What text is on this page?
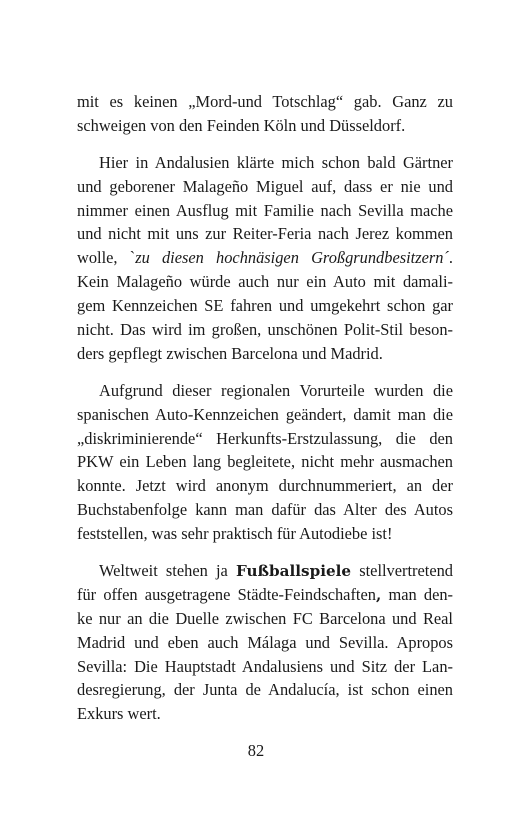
mit es keinen „Mord-und Totschlag“ gab. Ganz zu
schweigen von den Feinden Köln und Düsseldorf.
Hier in Andalusien klärte mich schon bald Gärtner
und geborener Malageño Miguel auf, dass er nie und
nimmer einen Ausflug mit Familie nach Sevilla mache
und nicht mit uns zur Reiter-Feria nach Jerez kommen
wolle, `zu diesen hochnäsigen Großgrundbesitzern´.
Kein Malageño würde auch nur ein Auto mit damali-
gem Kennzeichen SE fahren und umgekehrt schon gar
nicht. Das wird im großen, unschönen Polit-Stil beson-
ders gepflegt zwischen Barcelona und Madrid.
Aufgrund dieser regionalen Vorurteile wurden die
spanischen Auto-Kennzeichen geändert, damit man die
„diskriminierende“ Herkunfts-Erstzulassung, die den
PKW ein Leben lang begleitete, nicht mehr ausmachen
konnte. Jetzt wird anonym durchnummeriert, an der
Buchstabenfolge kann man dafür das Alter des Autos
feststellen, was sehr praktisch für Autodiebe ist!
Weltweit stehen ja Fußballspiele stellvertretend
für offen ausgetragene Städte-Feindschaften, man den-
ke nur an die Duelle zwischen FC Barcelona und Real
Madrid und eben auch Málaga und Sevilla. Apropos
Sevilla: Die Hauptstadt Andalusiens und Sitz der Lan-
desregierung, der Junta de Andalucía, ist schon einen
Exkurs wert.
82
